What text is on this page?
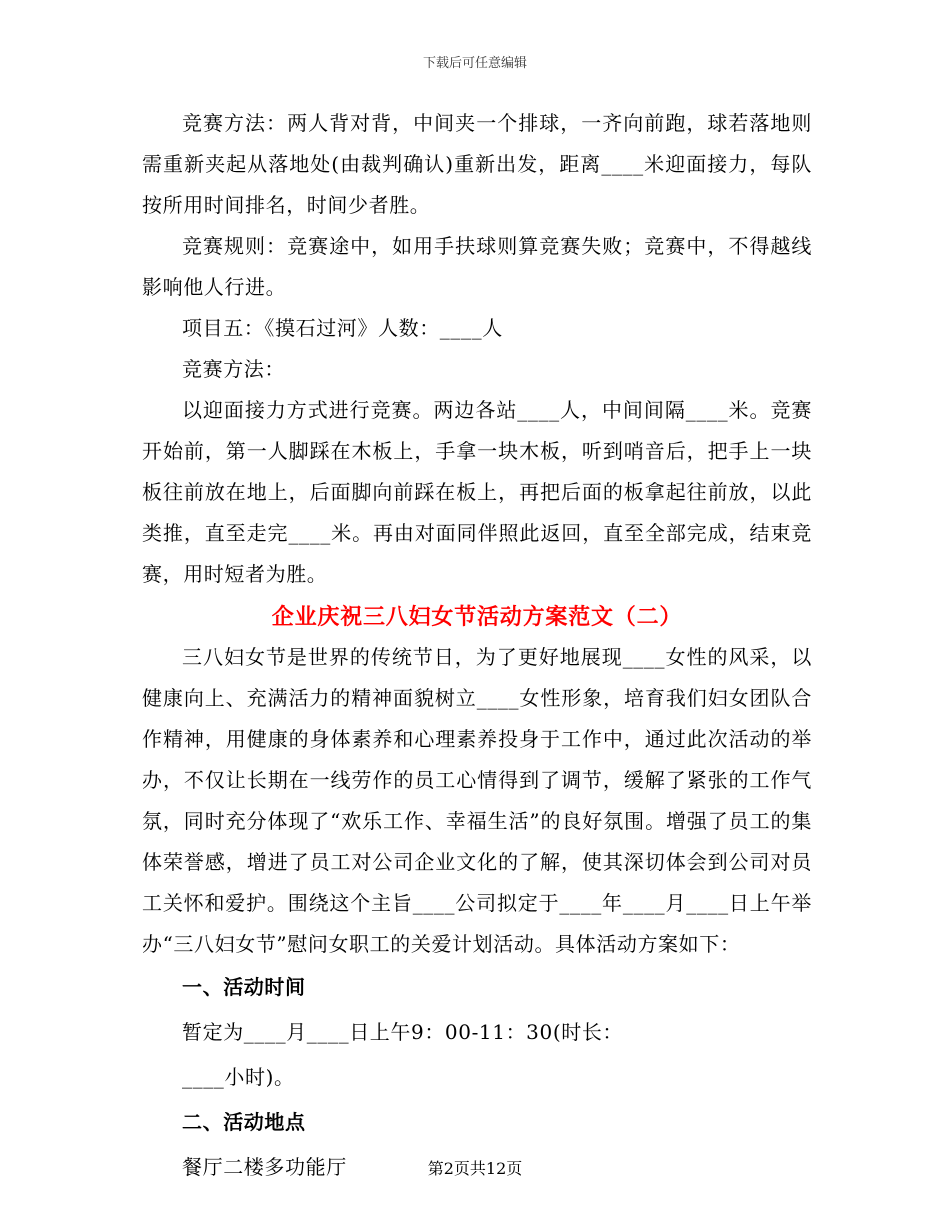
下载后可任意编辑

竞赛方法：两人背对背，中间夹一个排球，一齐向前跑，球若落地则需重新夹起从落地处(由裁判确认)重新出发，距离____米迎面接力，每队按所用时间排名，时间少者胜。

竞赛规则：竞赛途中，如用手扶球则算竞赛失败；竞赛中，不得越线影响他人行进。

项目五：《摸石过河》人数：____人

竞赛方法：

以迎面接力方式进行竞赛。两边各站____人，中间间隔____米。竞赛开始前，第一人脚踩在木板上，手拿一块木板，听到哨音后，把手上一块板往前放在地上，后面脚向前踩在板上，再把后面的板拿起往前放，以此类推，直至走完____米。再由对面同伴照此返回，直至全部完成，结束竞赛，用时短者为胜。

企业庆祝三八妇女节活动方案范文（二）

三八妇女节是世界的传统节日，为了更好地展现____女性的风采，以健康向上、充满活力的精神面貌树立____女性形象，培育我们妇女团队合作精神，用健康的身体素养和心理素养投身于工作中，通过此次活动的举办，不仅让长期在一线劳作的员工心情得到了调节，缓解了紧张的工作气氛，同时充分体现了“欢乐工作、幸福生活”的良好氛围。增强了员工的集体荣誉感，增进了员工对公司企业文化的了解，使其深切体会到公司对员工关怀和爱护。围绕这个主旨____公司拟定于____年____月____日上午举办“三八妇女节”慰问女职工的关爱计划活动。具体活动方案如下：

一、活动时间

暂定为____月____日上午9：00-11：30(时长：

____小时)。

二、活动地点

餐厅二楼多功能厅	第2页共12页
